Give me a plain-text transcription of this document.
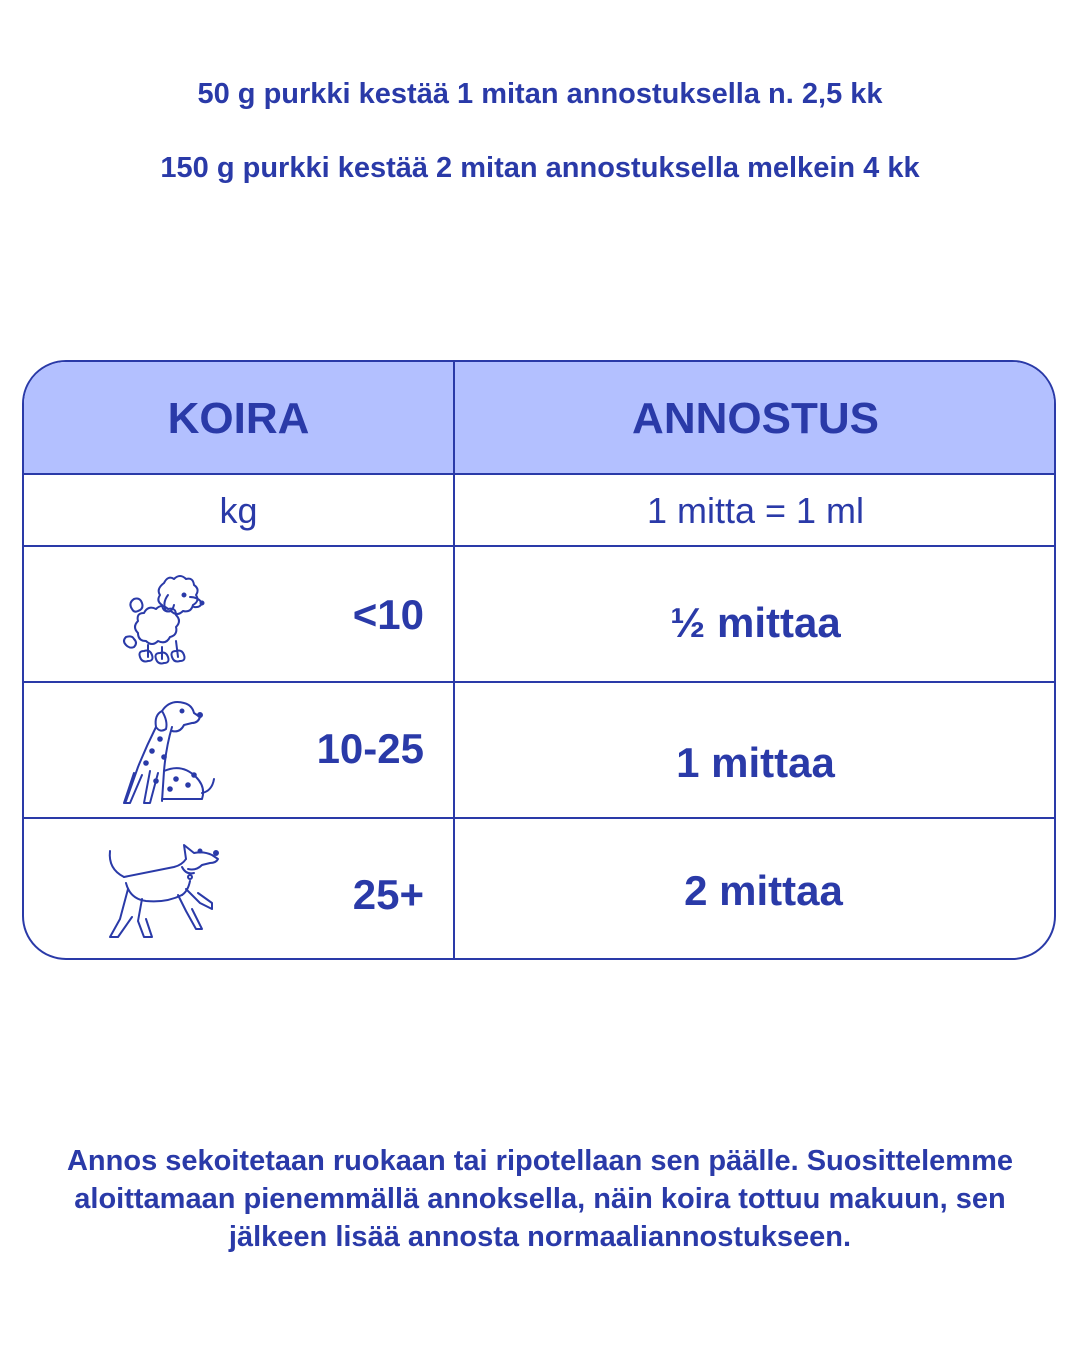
50 g purkki kestää 1 mitan annostuksella n. 2,5 kk
150 g purkki kestää 2 mitan annostuksella melkein 4 kk
KOIRA	ANNOSTUS
kg	1 mitta = 1 ml
<10	½ mittaa
10-25	1 mittaa
25+	2 mittaa
Annos sekoitetaan ruokaan tai ripotellaan sen päälle. Suosittelemme aloittamaan pienemmällä annoksella, näin koira tottuu makuun, sen jälkeen lisää annosta normaaliannostukseen.
